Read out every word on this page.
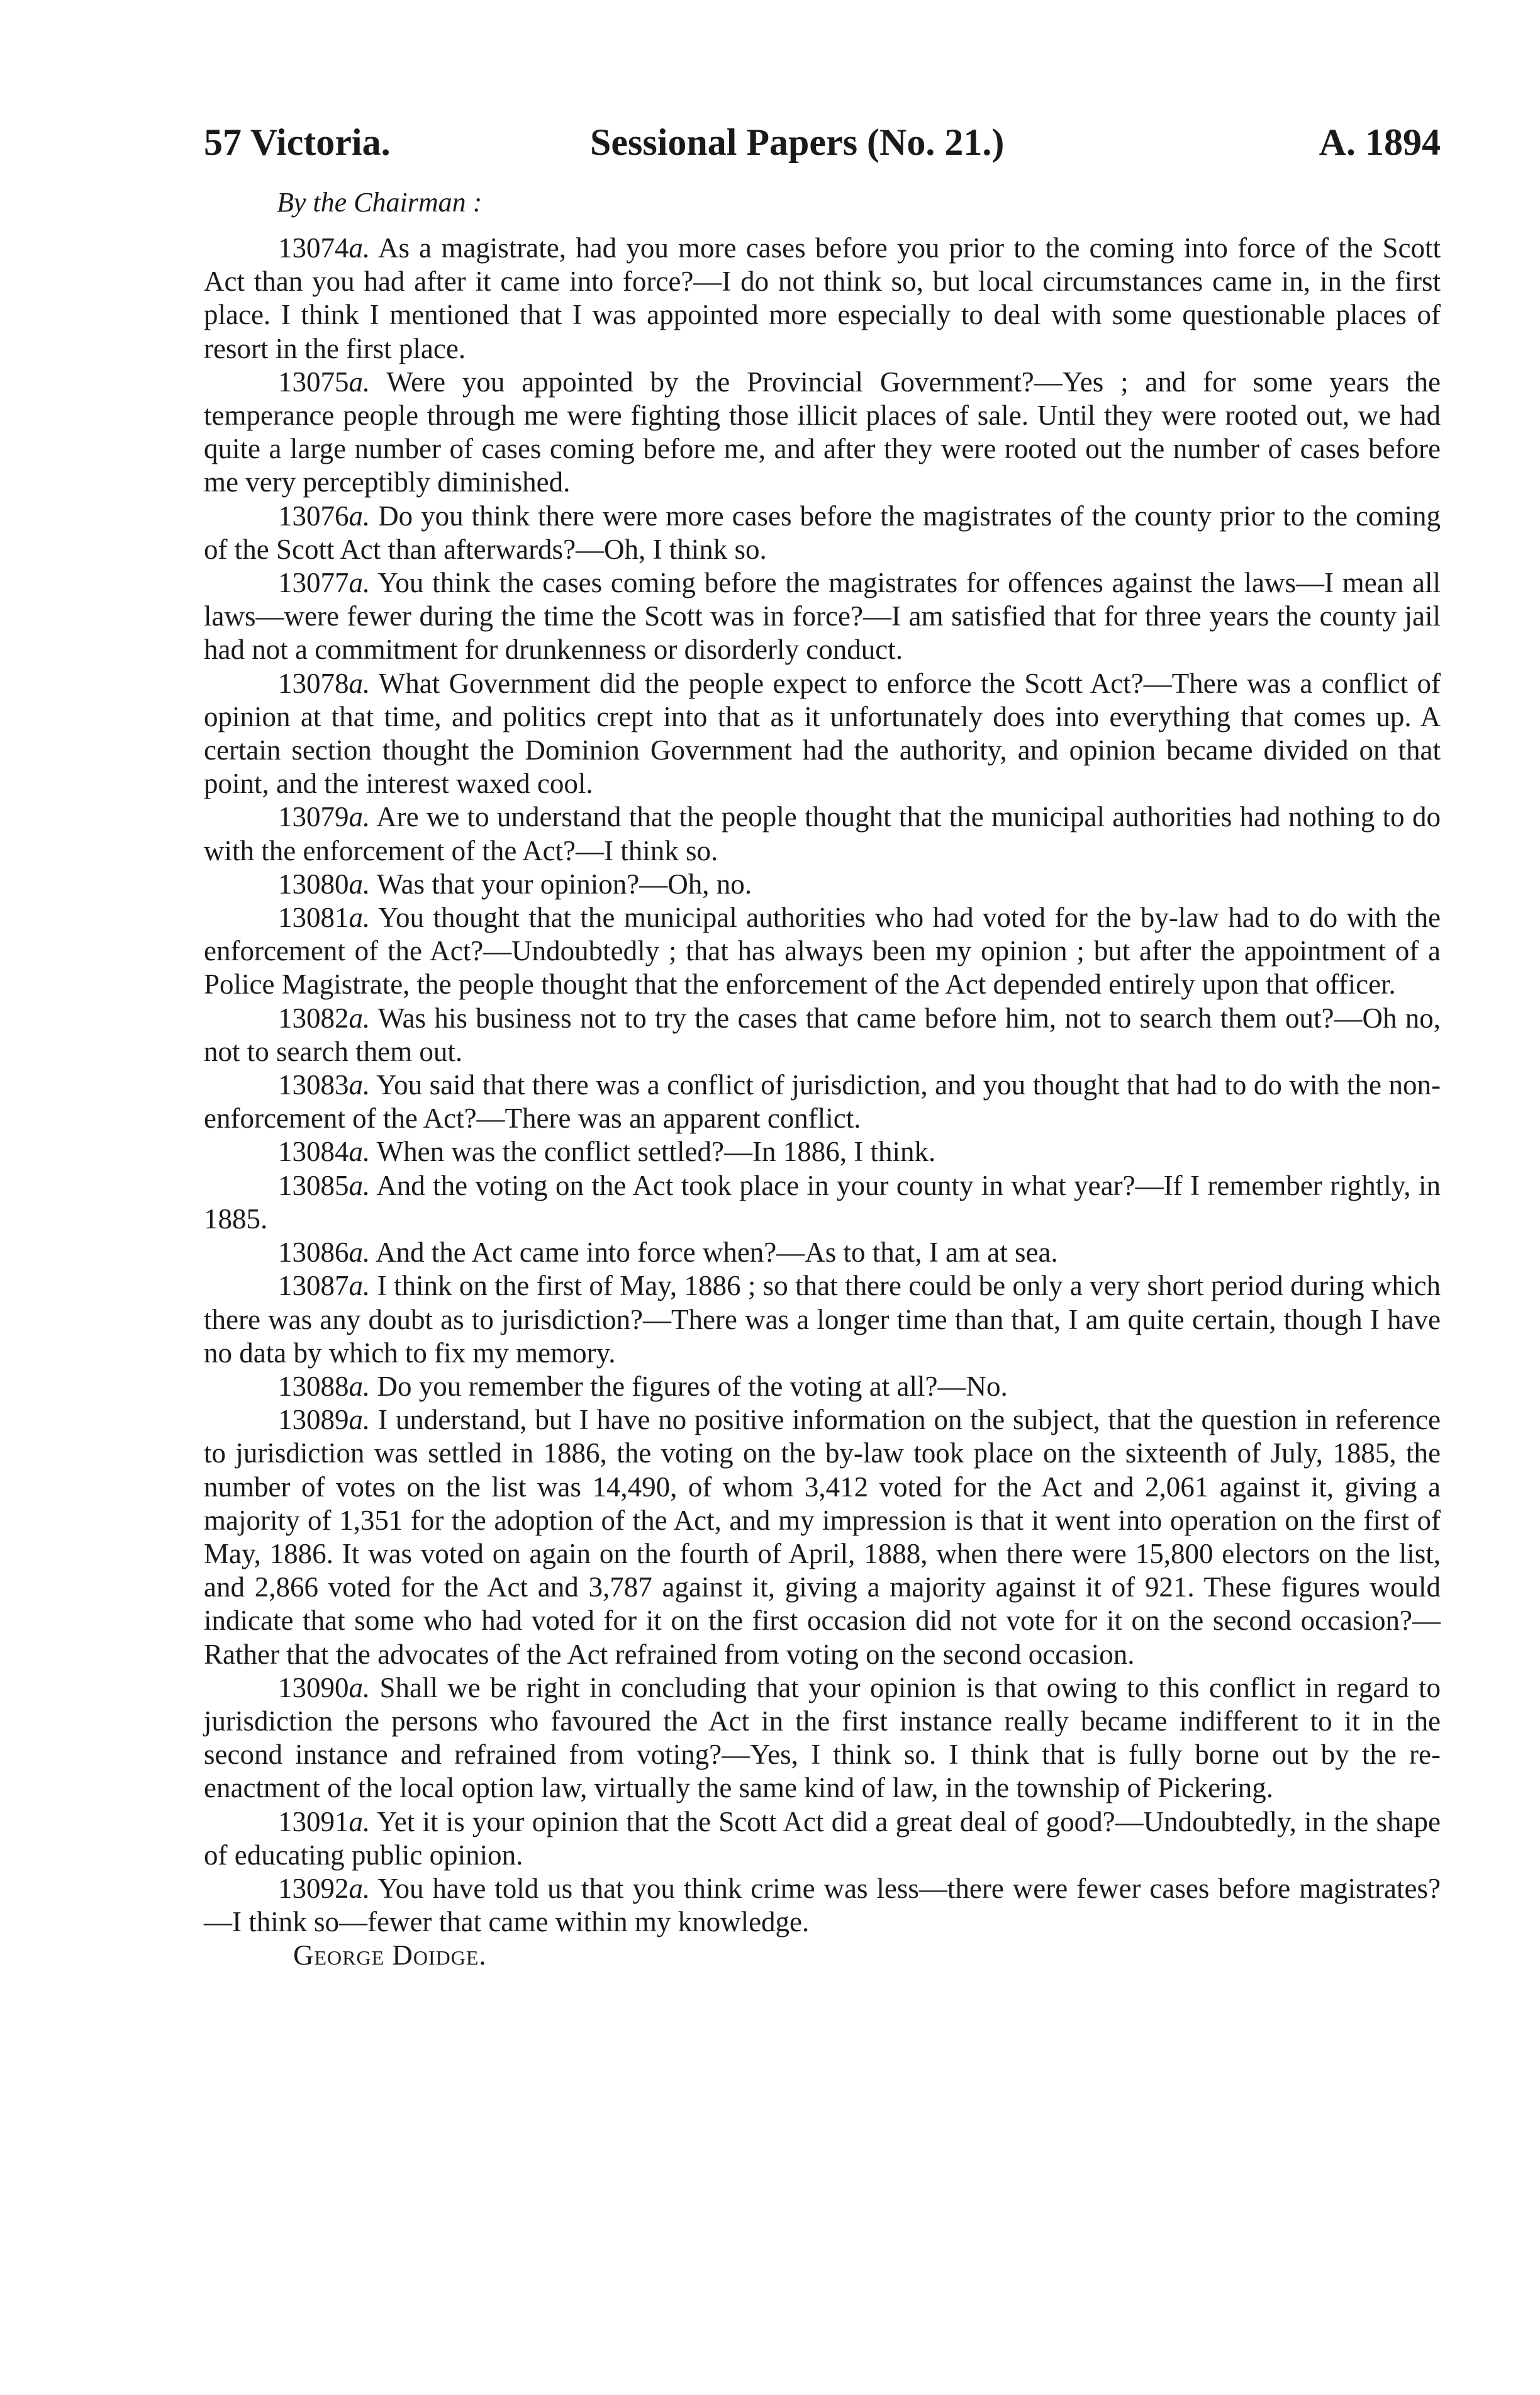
57 Victoria.	Sessional Papers (No. 21.)	A. 1894
By the Chairman :

13074a. As a magistrate, had you more cases before you prior to the coming into force of the Scott Act than you had after it came into force?—I do not think so, but local circumstances came in, in the first place. I think I mentioned that I was appointed more especially to deal with some questionable places of resort in the first place.

13075a. Were you appointed by the Provincial Government?—Yes ; and for some years the temperance people through me were fighting those illicit places of sale. Until they were rooted out, we had quite a large number of cases coming before me, and after they were rooted out the number of cases before me very perceptibly diminished.

13076a. Do you think there were more cases before the magistrates of the county prior to the coming of the Scott Act than afterwards?—Oh, I think so.

13077a. You think the cases coming before the magistrates for offences against the laws—I mean all laws—were fewer during the time the Scott was in force?—I am satisfied that for three years the county jail had not a commitment for drunkenness or disorderly conduct.

13078a. What Government did the people expect to enforce the Scott Act?—There was a conflict of opinion at that time, and politics crept into that as it unfortunately does into everything that comes up. A certain section thought the Dominion Government had the authority, and opinion became divided on that point, and the interest waxed cool.

13079a. Are we to understand that the people thought that the municipal authorities had nothing to do with the enforcement of the Act?—I think so.

13080a. Was that your opinion?—Oh, no.

13081a. You thought that the municipal authorities who had voted for the by-law had to do with the enforcement of the Act?—Undoubtedly ; that has always been my opinion ; but after the appointment of a Police Magistrate, the people thought that the enforcement of the Act depended entirely upon that officer.

13082a. Was his business not to try the cases that came before him, not to search them out?—Oh no, not to search them out.

13083a. You said that there was a conflict of jurisdiction, and you thought that had to do with the non-enforcement of the Act?—There was an apparent conflict.

13084a. When was the conflict settled?—In 1886, I think.

13085a. And the voting on the Act took place in your county in what year?—If I remember rightly, in 1885.

13086a. And the Act came into force when?—As to that, I am at sea.

13087a. I think on the first of May, 1886 ; so that there could be only a very short period during which there was any doubt as to jurisdiction?—There was a longer time than that, I am quite certain, though I have no data by which to fix my memory.

13088a. Do you remember the figures of the voting at all?—No.

13089a. I understand, but I have no positive information on the subject, that the question in reference to jurisdiction was settled in 1886, the voting on the by-law took place on the sixteenth of July, 1885, the number of votes on the list was 14,490, of whom 3,412 voted for the Act and 2,061 against it, giving a majority of 1,351 for the adoption of the Act, and my impression is that it went into operation on the first of May, 1886. It was voted on again on the fourth of April, 1888, when there were 15,800 electors on the list, and 2,866 voted for the Act and 3,787 against it, giving a majority against it of 921. These figures would indicate that some who had voted for it on the first occasion did not vote for it on the second occasion?—Rather that the advocates of the Act refrained from voting on the second occasion.

13090a. Shall we be right in concluding that your opinion is that owing to this conflict in regard to jurisdiction the persons who favoured the Act in the first instance really became indifferent to it in the second instance and refrained from voting?—Yes, I think so. I think that is fully borne out by the re-enactment of the local option law, virtually the same kind of law, in the township of Pickering.

13091a. Yet it is your opinion that the Scott Act did a great deal of good?—Undoubtedly, in the shape of educating public opinion.

13092a. You have told us that you think crime was less—there were fewer cases before magistrates?—I think so—fewer that came within my knowledge.

George Doidge.
